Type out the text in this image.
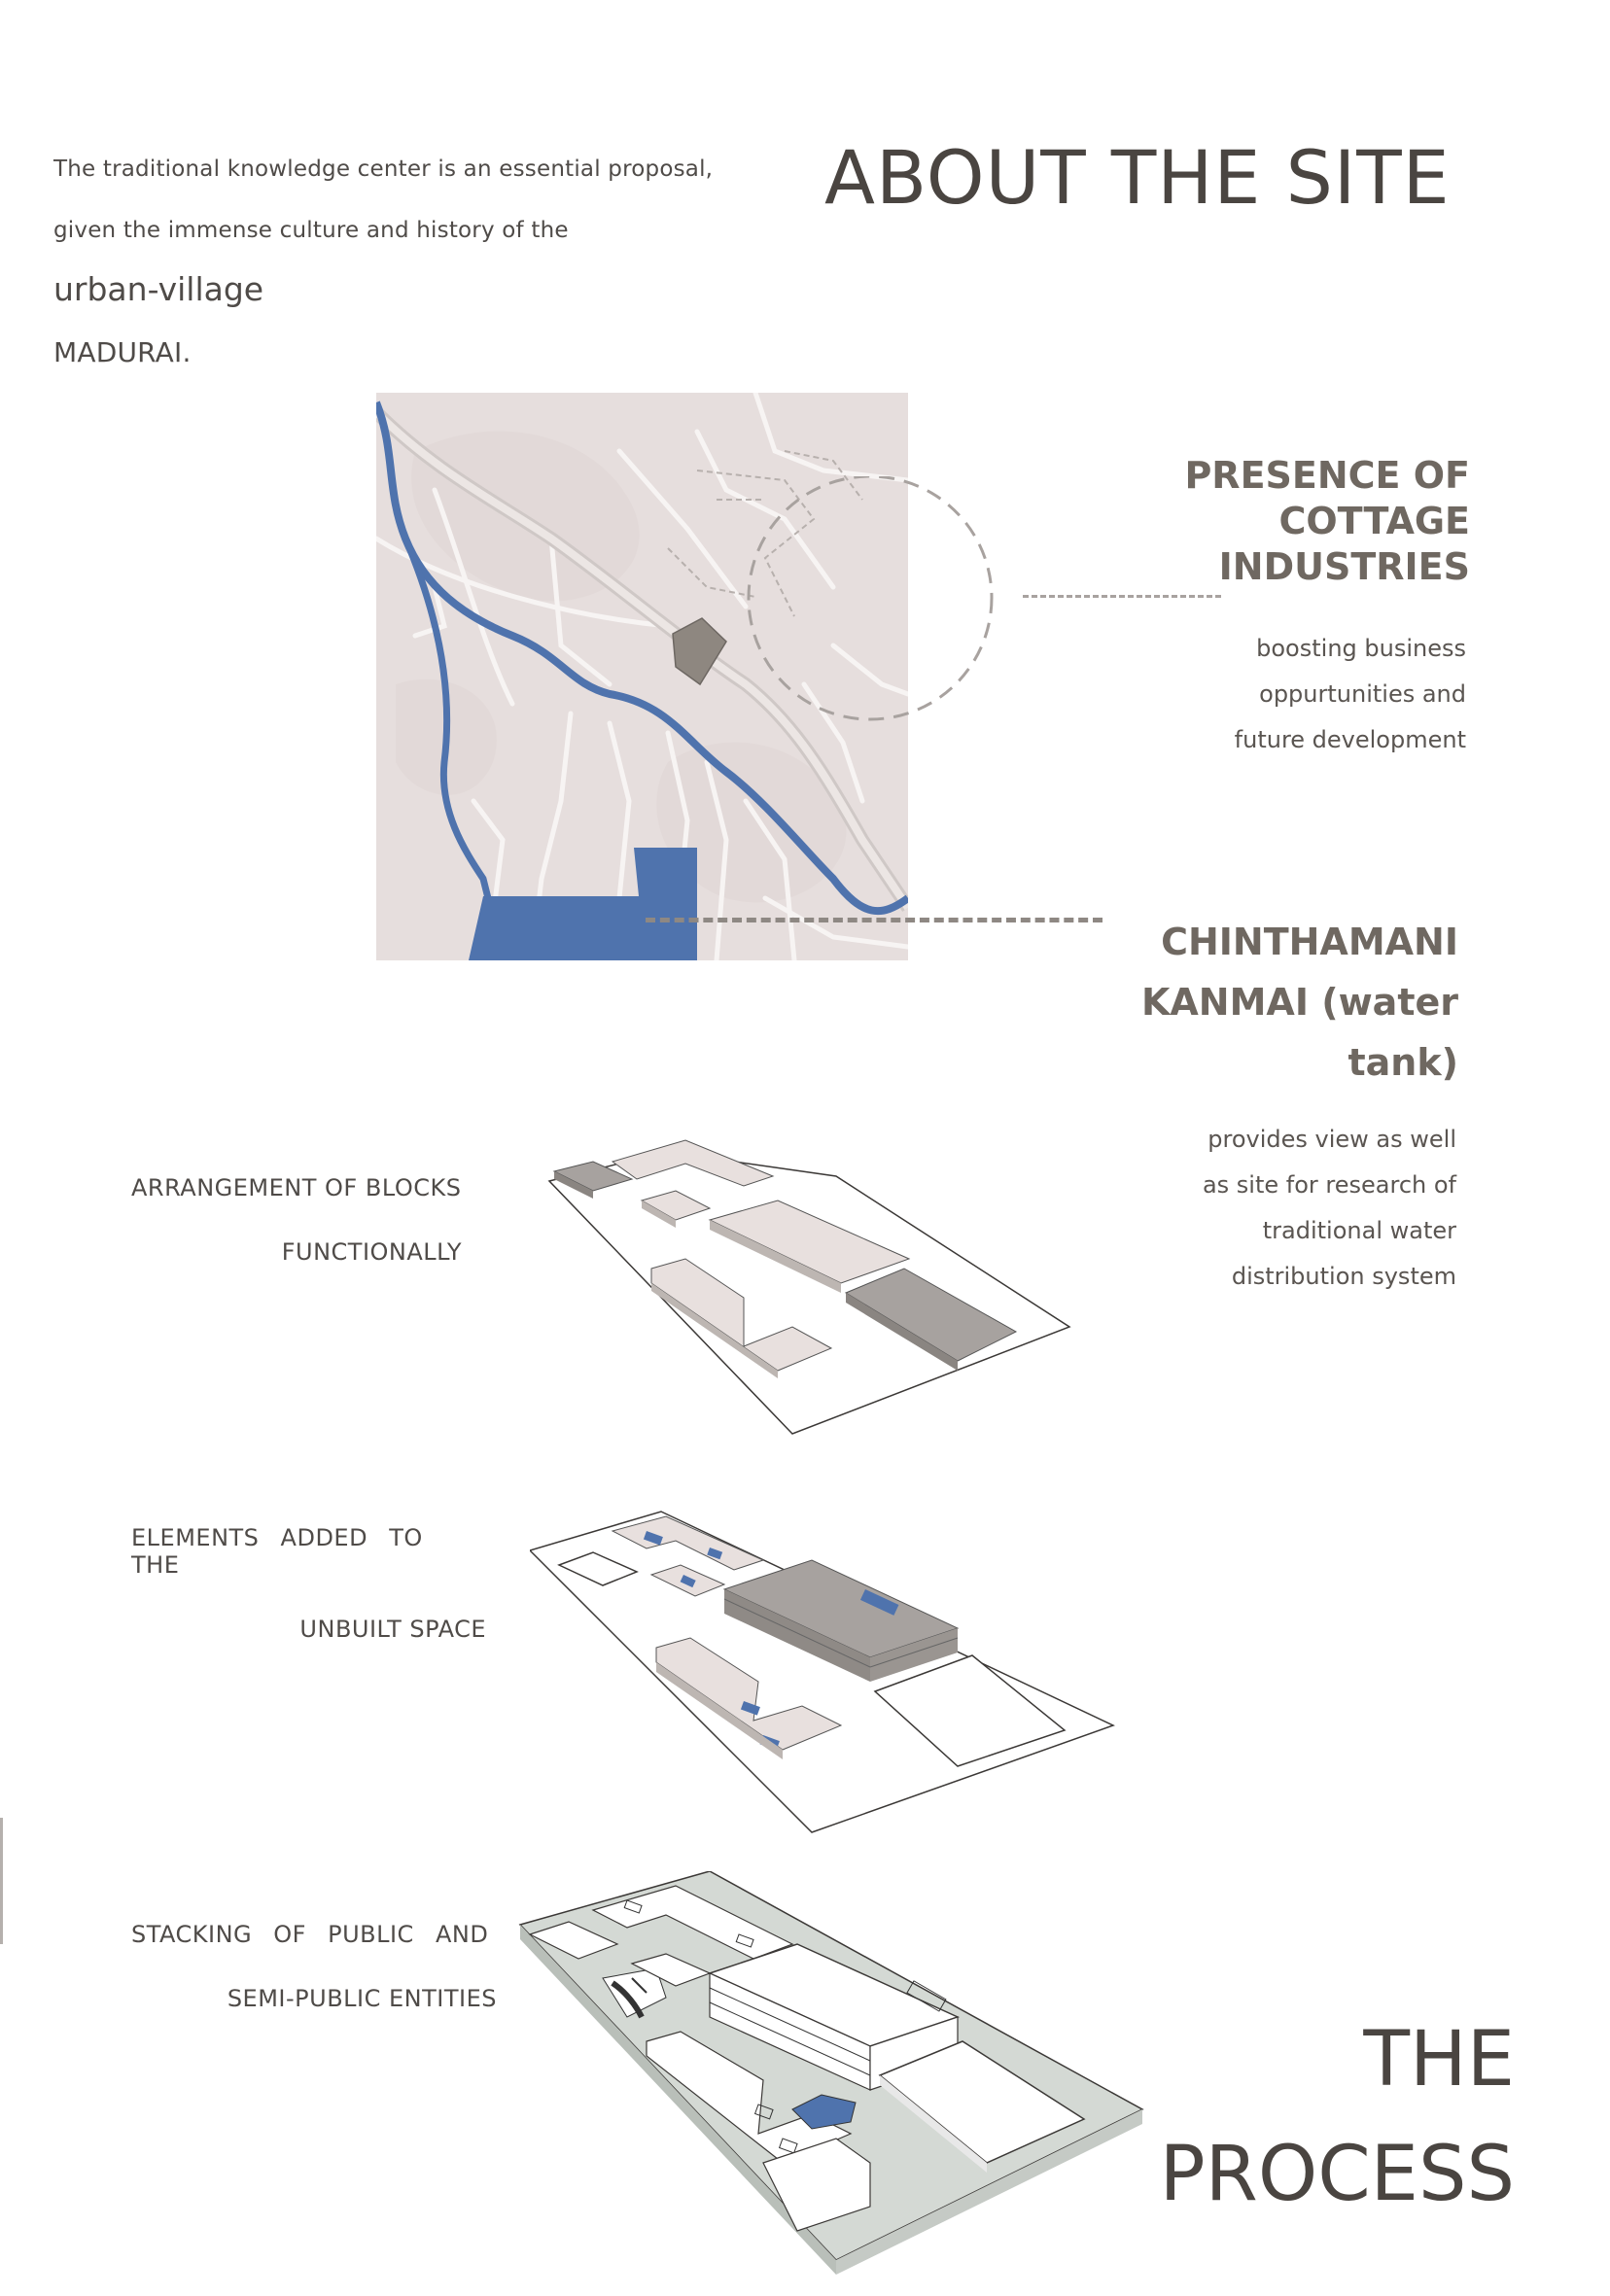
The traditional knowledge center is an essential proposal,
given the immense culture and history of the
urban-village
MADURAI.
ABOUT THE SITE
PRESENCE OF
COTTAGE
INDUSTRIES
boosting business
oppurtunities and
future development
CHINTHAMANI
KANMAI (water
tank)
provides view as well
as site for research of
traditional water
distribution system
ARRANGEMENT OF BLOCKS
FUNCTIONALLY
ELEMENTS ADDED TO THE
UNBUILT SPACE
STACKING OF PUBLIC AND
SEMI-PUBLIC ENTITIES
THE
PROCESS
